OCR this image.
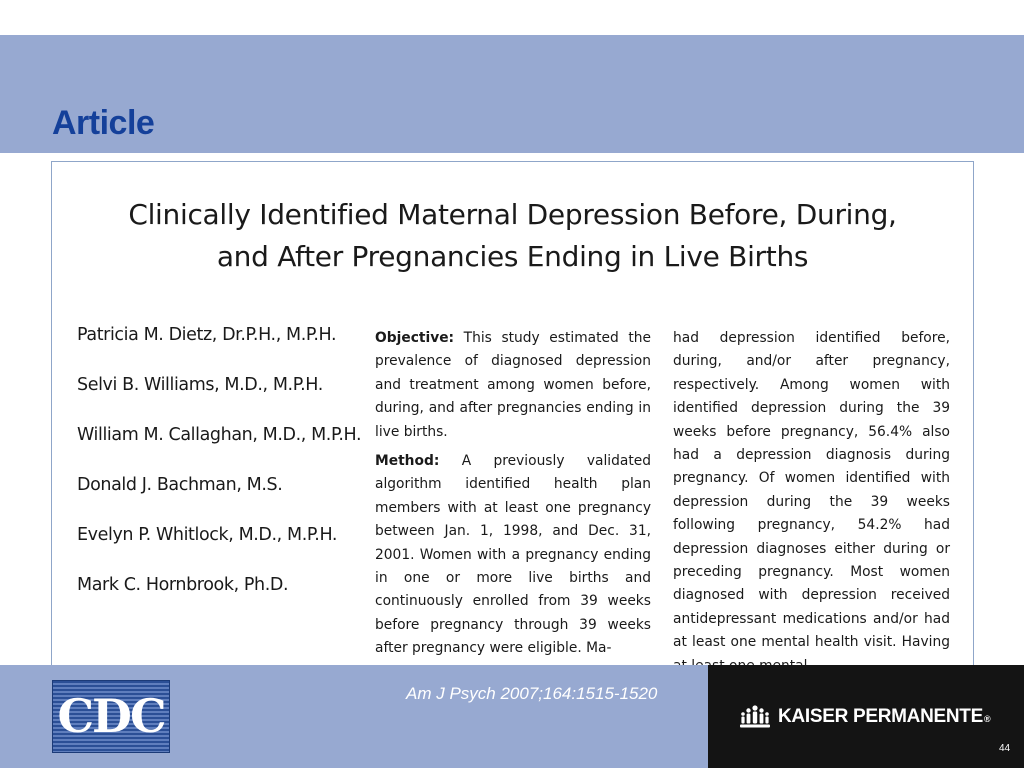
Article
Clinically Identified Maternal Depression Before, During,
and After Pregnancies Ending in Live Births
Patricia M. Dietz, Dr.P.H., M.P.H.
Selvi B. Williams, M.D., M.P.H.
William M. Callaghan, M.D., M.P.H.
Donald J. Bachman, M.S.
Evelyn P. Whitlock, M.D., M.P.H.
Mark C. Hornbrook, Ph.D.

Objective: This study estimated the prevalence of diagnosed depression and treatment among women before, during, and after pregnancies ending in live births.

Method: A previously validated algorithm identified health plan members with at least one pregnancy between Jan. 1, 1998, and Dec. 31, 2001. Women with a pregnancy ending in one or more live births and continuously enrolled from 39 weeks before pregnancy through 39 weeks after pregnancy were eligible. Ma-

had depression identified before, during, and/or after pregnancy, respectively. Among women with identified depression during the 39 weeks before pregnancy, 56.4% also had a depression diagnosis during pregnancy. Of women identified with depression during the 39 weeks following pregnancy, 54.2% had depression diagnoses either during or preceding pregnancy. Most women diagnosed with depression received antidepressant medications and/or had at least one mental health visit. Having

CDC	Am J Psych 2007;164:1515-1520
KAISER PERMANENTE®
44
